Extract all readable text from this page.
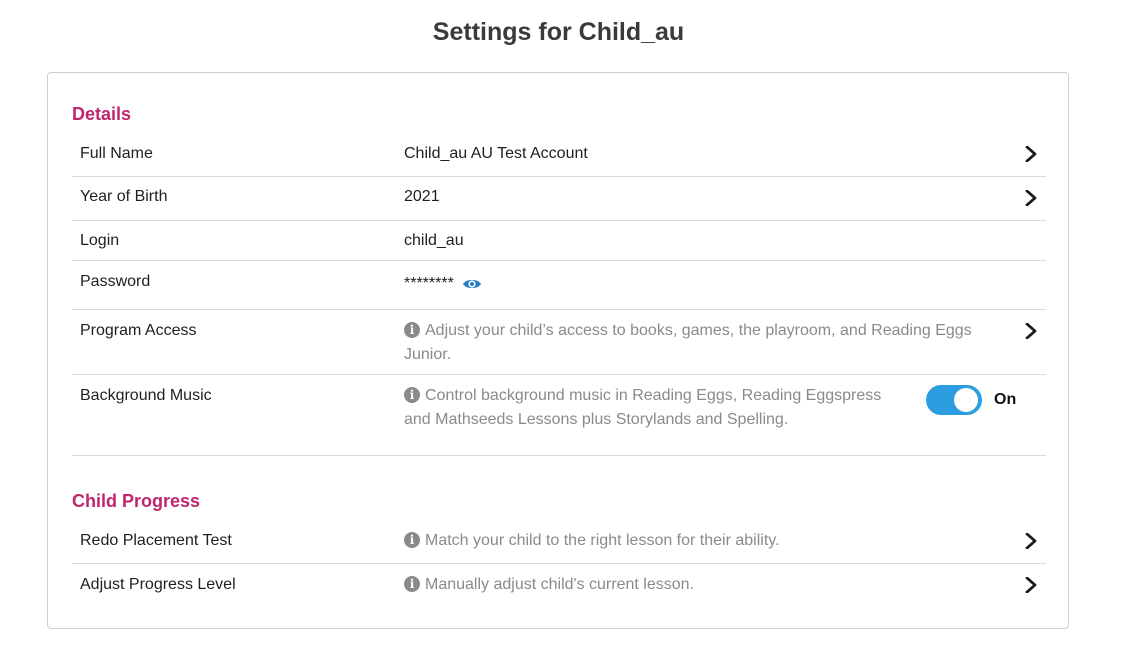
Settings for Child_au
Details
Full Name	Child_au AU Test Account
Year of Birth	2021
Login	child_au
Password	********
Program Access	i Adjust your child’s access to books, games, the playroom, and Reading Eggs Junior.
Background Music	i Control background music in Reading Eggs, Reading Eggspress and Mathseeds Lessons plus Storylands and Spelling.
On
Child Progress
Redo Placement Test	i Match your child to the right lesson for their ability.
Adjust Progress Level	i Manually adjust child's current lesson.
